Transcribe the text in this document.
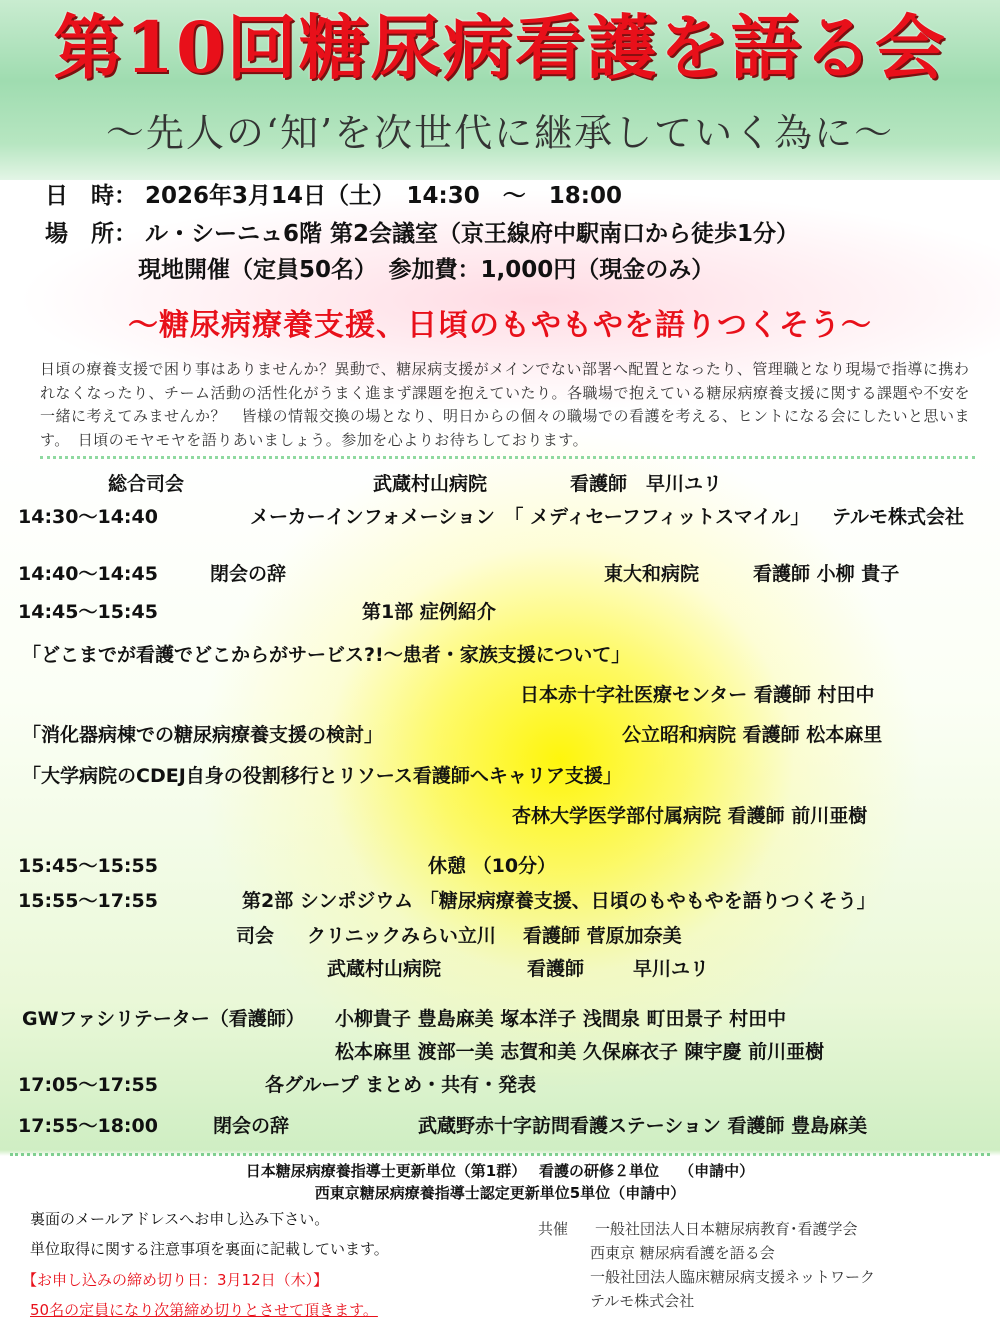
第10回糖尿病看護を語る会
～先人の‘知’を次世代に継承していく為に～
日　時： 2026年3月14日（土）　14:30　～　18:00
場　所： ル・シーニュ6階 第2会議室（京王線府中駅南口から徒歩1分）
現地開催（定員50名）　参加費：1,000円（現金のみ）
～糖尿病療養支援、日頃のもやもやを語りつくそう～
日頃の療養支援で困り事はありませんか？異動で、糖尿病支援がメインでない部署へ配置となったり、管理職となり現場で指導に携われなくなったり、チーム活動の活性化がうまく進まず課題を抱えていたり。各職場で抱えている糖尿病療養支援に関する課題や不安を一緒に考えてみませんか？　皆様の情報交換の場となり、明日からの個々の職場での看護を考える、ヒントになる会にしたいと思います。　日頃のモヤモヤを語りあいましょう。参加を心よりお待ちしております。
総合司会	武蔵村山病院	看護師　早川ユリ
14:30～14:40	メーカーインフォメーション　「 メディセーフフィットスマイル」 テルモ株式会社
14:40～14:45	閉会の辞	東大和病院	看護師 小柳 貴子
14:45～15:45	第1部 症例紹介
「どこまでが看護でどこからがサービス?!～患者・家族支援について」
日本赤十字社医療センター 看護師 村田中
「消化器病棟での糖尿病療養支援の検討」	公立昭和病院 看護師 松本麻里
「大学病院のCDEJ自身の役割移行とリソース看護師へキャリア支援」
杏林大学医学部付属病院 看護師 前川亜樹
15:45～15:55	休憩 （10分）
15:55～17:55	第2部 シンポジウム 「糖尿病療養支援、日頃のもやもやを語りつくそう」
司会 クリニックみらい立川 看護師 菅原加奈美
武蔵村山病院	看護師	早川ユリ
GWファシリテーター（看護師） 小柳貴子 豊島麻美 塚本洋子 浅間泉 町田景子 村田中
松本麻里 渡部一美 志賀和美 久保麻衣子 陳宇慶 前川亜樹
17:05～17:55	各グループ まとめ・共有・発表
17:55～18:00	閉会の辞	武蔵野赤十字訪問看護ステーション 看護師 豊島麻美
日本糖尿病療養指導士更新単位（第1群）　 看護の研修２単位　 （申請中）
西東京糖尿病療養指導士認定更新単位5単位（申請中）
裏面のメールアドレスへお申し込み下さい。
単位取得に関する注意事項を裏面に記載しています。
【お申し込みの締め切り日：3月12日（木）】
50名の定員になり次第締め切りとさせて頂きます。
共催 一般社団法人日本糖尿病教育･看護学会
西東京 糖尿病看護を語る会
一般社団法人臨床糖尿病支援ネットワーク
テルモ株式会社
